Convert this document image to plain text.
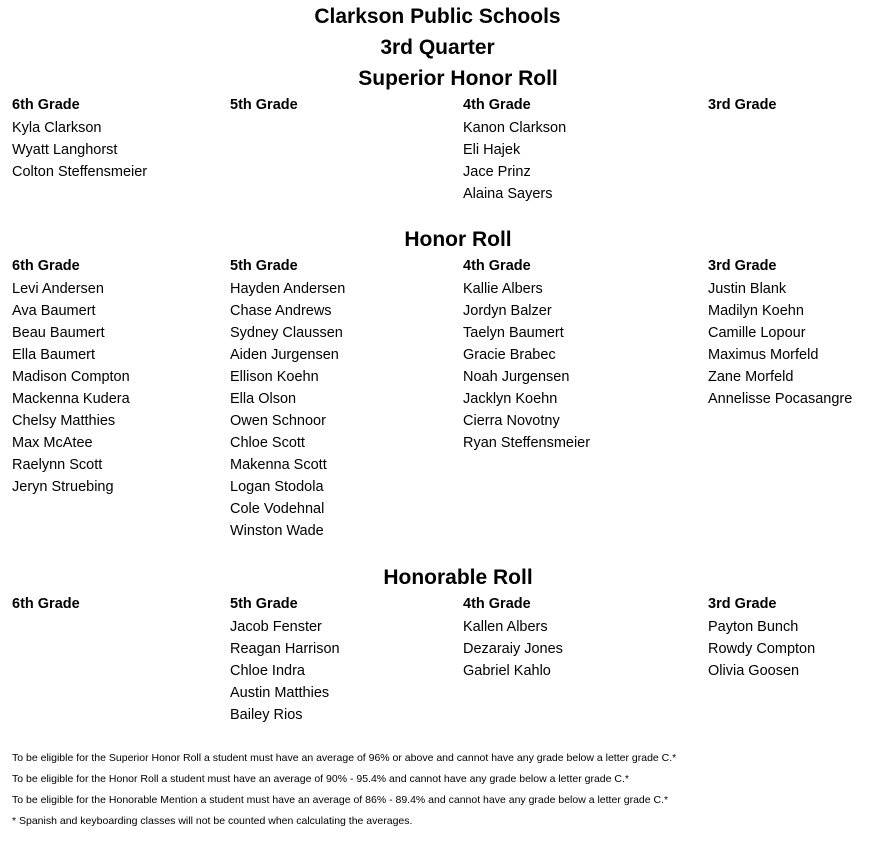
Clarkson Public Schools
3rd Quarter
Superior Honor Roll
6th Grade
Kyla Clarkson
Wyatt Langhorst
Colton Steffensmeier
5th Grade	4th Grade
Kanon Clarkson
Eli Hajek
Jace Prinz
Alaina Sayers
3rd Grade
Honor Roll
6th Grade
Levi Andersen
Ava Baumert
Beau Baumert
Ella Baumert
Madison Compton
Mackenna Kudera
Chelsy Matthies
Max McAtee
Raelynn Scott
Jeryn Struebing
5th Grade
Hayden Andersen
Chase Andrews
Sydney Claussen
Aiden Jurgensen
Ellison Koehn
Ella Olson
Owen Schnoor
Chloe Scott
Makenna Scott
Logan Stodola
Cole Vodehnal
Winston Wade
4th Grade
Kallie Albers
Jordyn Balzer
Taelyn Baumert
Gracie Brabec
Noah Jurgensen
Jacklyn Koehn
Cierra Novotny
Ryan Steffensmeier
3rd Grade
Justin Blank
Madilyn Koehn
Camille Lopour
Maximus Morfeld
Zane Morfeld
Annelisse Pocasangre
Honorable Roll
6th Grade	5th Grade
Jacob Fenster
Reagan Harrison
Chloe Indra
Austin Matthies
Bailey Rios
4th Grade
Kallen Albers
Dezaraiy Jones
Gabriel Kahlo
3rd Grade
Payton Bunch
Rowdy Compton
Olivia Goosen

To be eligible for the Superior Honor Roll a student must have an average of 96% or above and cannot have any grade below a letter grade C.*

To be eligible for the Honor Roll a student must have an average of 90% - 95.4% and cannot have any grade below a letter grade C.*

To be eligible for the Honorable Mention a student must have an average of 86% - 89.4% and cannot have any grade below a letter grade C.*

* Spanish and keyboarding classes will not be counted when calculating the averages.
